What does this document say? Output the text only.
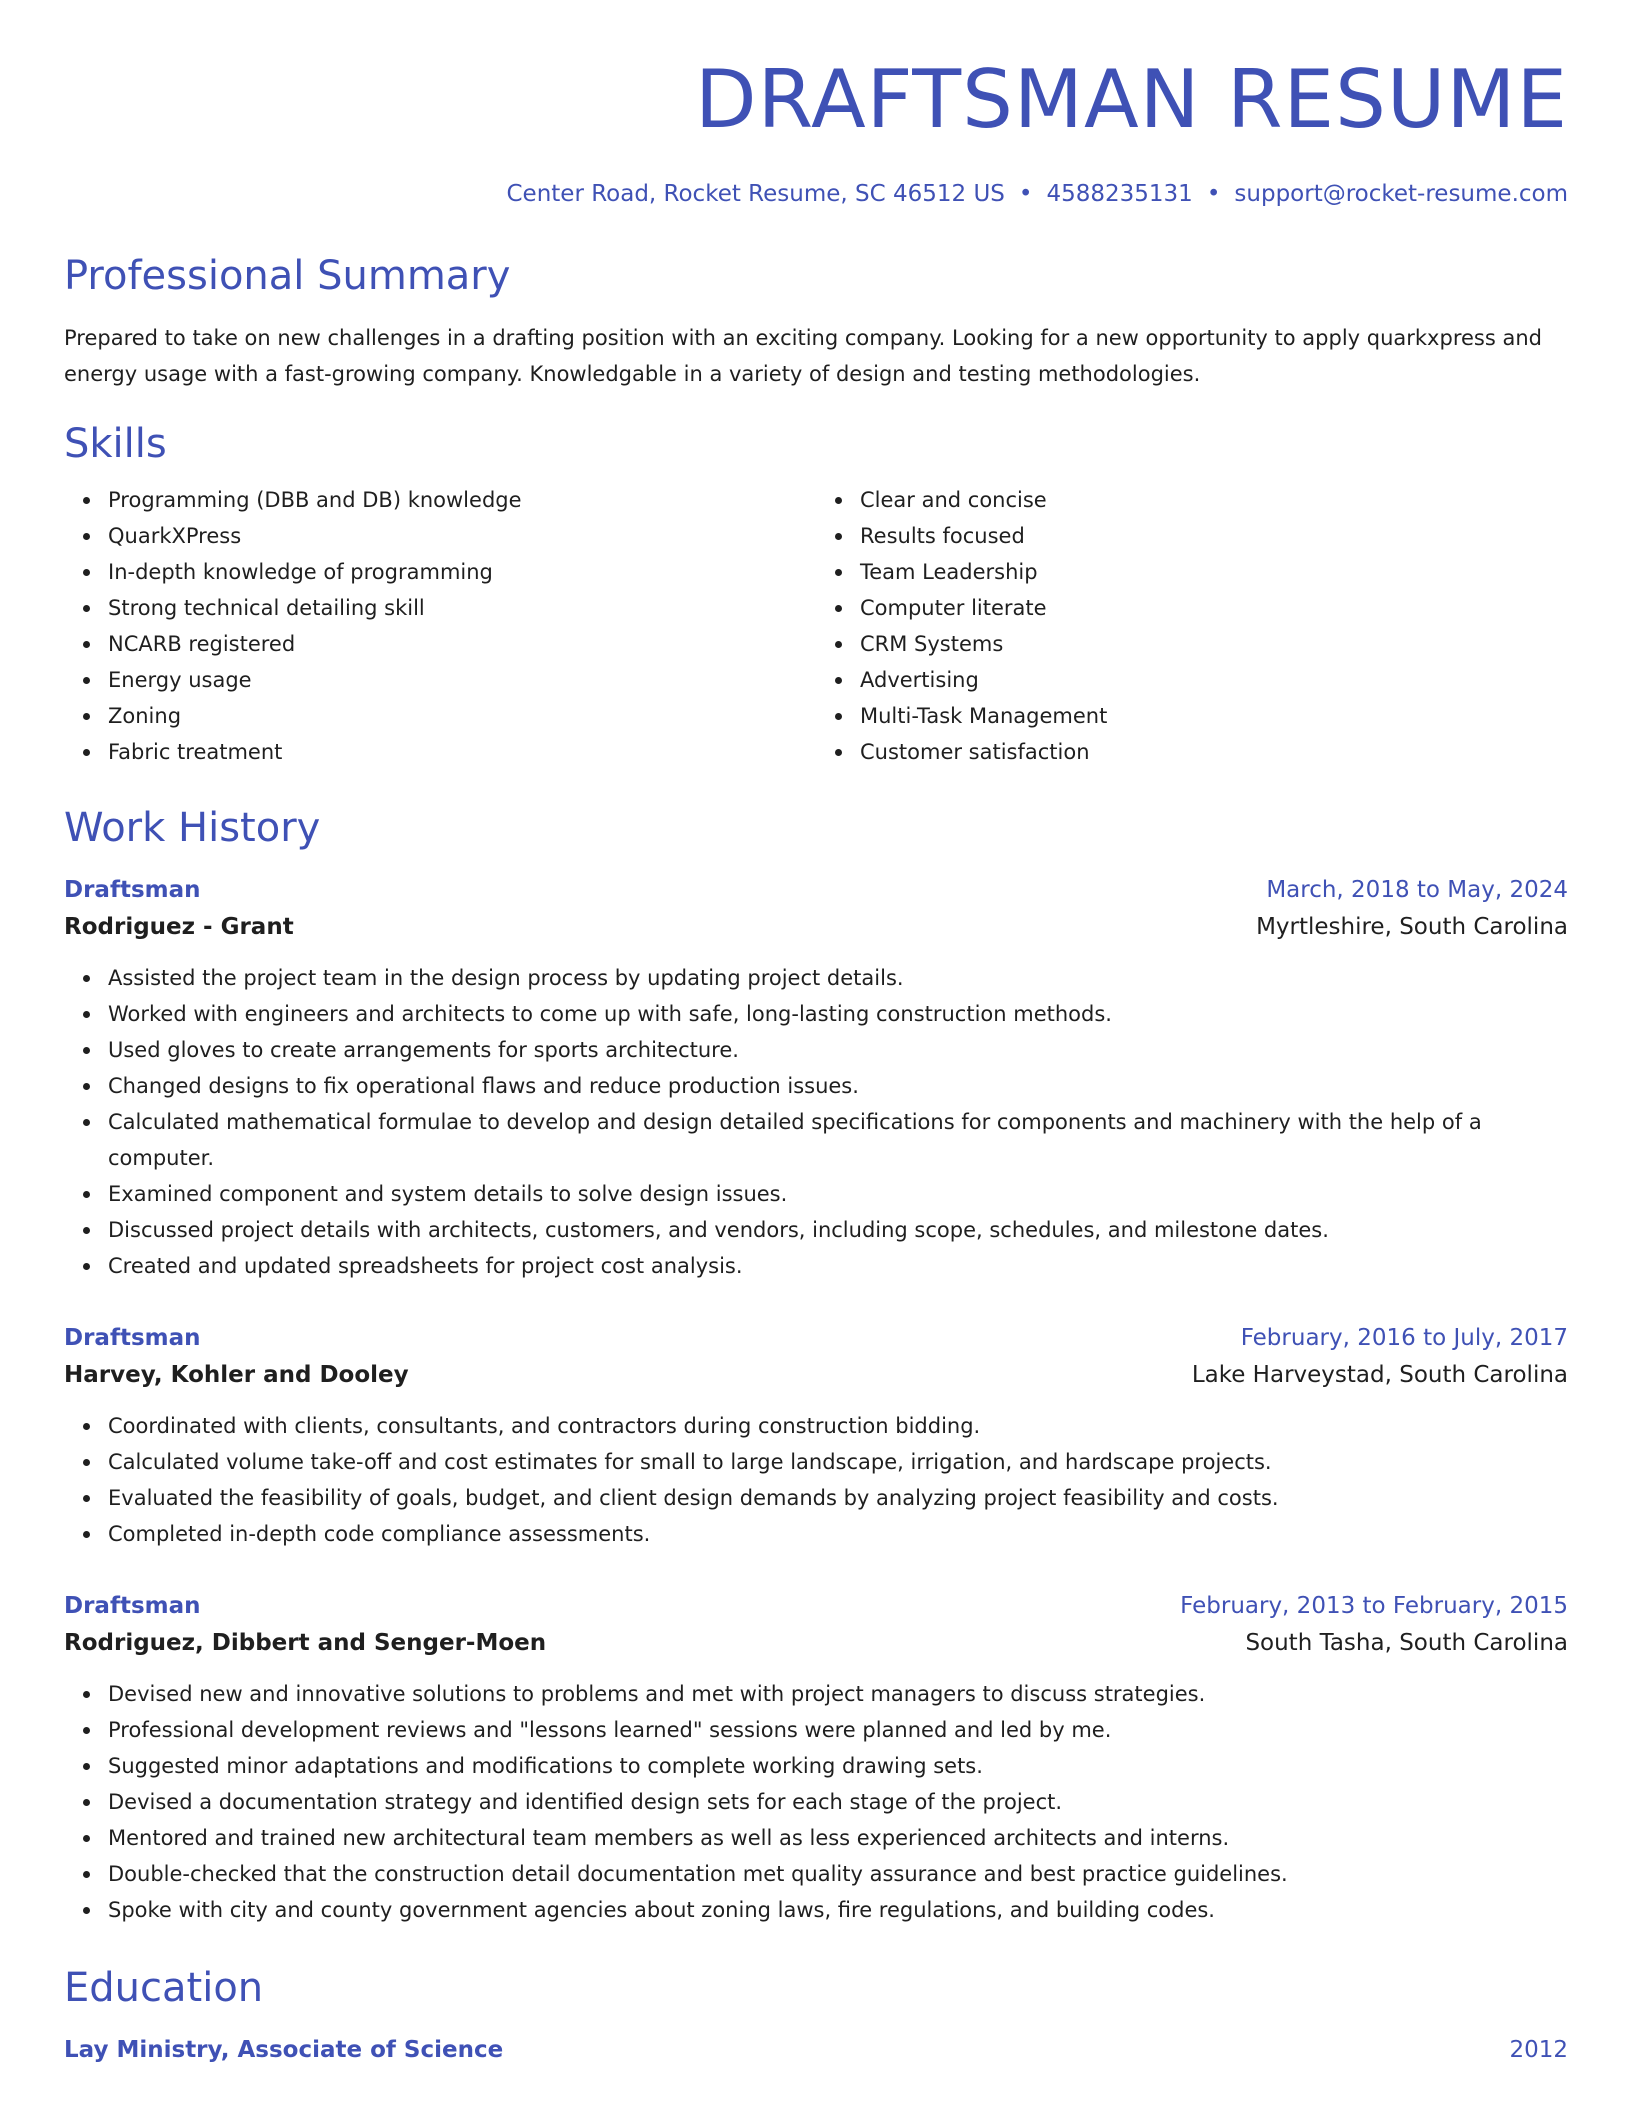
DRAFTSMAN RESUME
Center Road, Rocket Resume, SC 46512 US • 4588235131 • support@rocket-resume.com
Professional Summary
Prepared to take on new challenges in a drafting position with an exciting company. Looking for a new opportunity to apply quarkxpress and energy usage with a fast-growing company. Knowledgable in a variety of design and testing methodologies.
Skills
Programming (DBB and DB) knowledge
QuarkXPress
In-depth knowledge of programming
Strong technical detailing skill
NCARB registered
Energy usage
Zoning
Fabric treatment
Clear and concise
Results focused
Team Leadership
Computer literate
CRM Systems
Advertising
Multi-Task Management
Customer satisfaction
Work History
Draftsman	March, 2018 to May, 2024
Rodriguez - Grant	Myrtleshire, South Carolina
Assisted the project team in the design process by updating project details.
Worked with engineers and architects to come up with safe, long-lasting construction methods.
Used gloves to create arrangements for sports architecture.
Changed designs to fix operational flaws and reduce production issues.
Calculated mathematical formulae to develop and design detailed specifications for components and machinery with the help of a computer.
Examined component and system details to solve design issues.
Discussed project details with architects, customers, and vendors, including scope, schedules, and milestone dates.
Created and updated spreadsheets for project cost analysis.
Draftsman	February, 2016 to July, 2017
Harvey, Kohler and Dooley	Lake Harveystad, South Carolina
Coordinated with clients, consultants, and contractors during construction bidding.
Calculated volume take-off and cost estimates for small to large landscape, irrigation, and hardscape projects.
Evaluated the feasibility of goals, budget, and client design demands by analyzing project feasibility and costs.
Completed in-depth code compliance assessments.
Draftsman	February, 2013 to February, 2015
Rodriguez, Dibbert and Senger-Moen	South Tasha, South Carolina
Devised new and innovative solutions to problems and met with project managers to discuss strategies.
Professional development reviews and "lessons learned" sessions were planned and led by me.
Suggested minor adaptations and modifications to complete working drawing sets.
Devised a documentation strategy and identified design sets for each stage of the project.
Mentored and trained new architectural team members as well as less experienced architects and interns.
Double-checked that the construction detail documentation met quality assurance and best practice guidelines.
Spoke with city and county government agencies about zoning laws, fire regulations, and building codes.
Education
Lay Ministry, Associate of Science	2012
